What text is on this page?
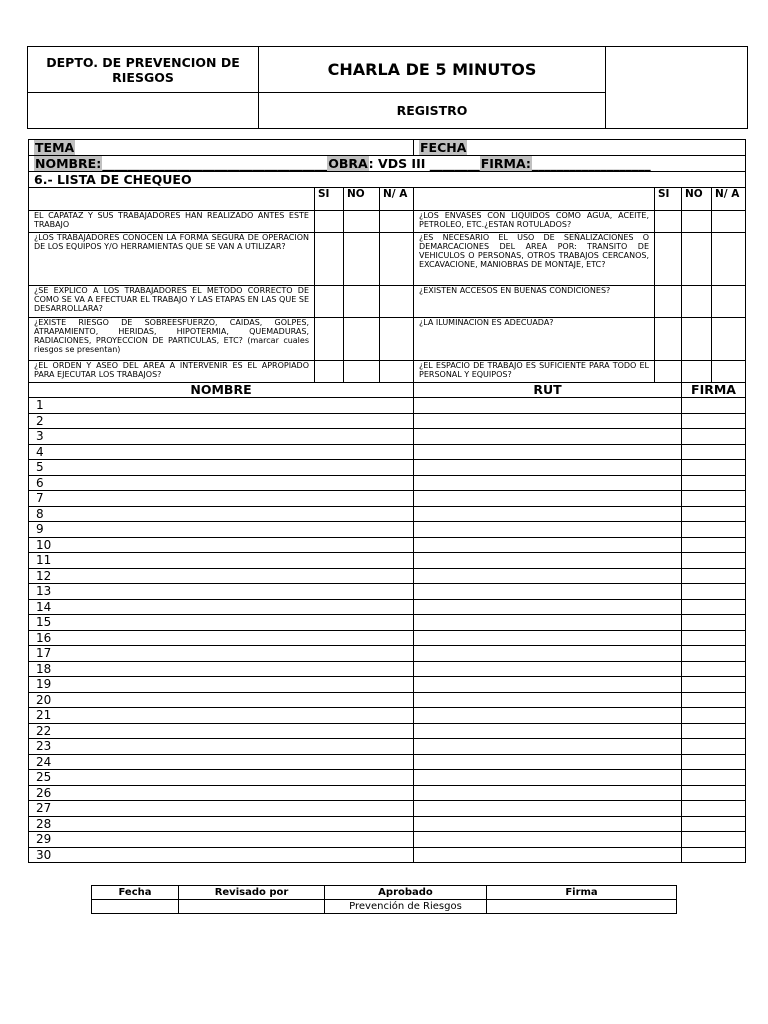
DEPTO. DE PREVENCION DE RIESGOS	CHARLA DE 5 MINUTOS	
	REGISTRO	
TEMA				FECHA			
NOMBRE:____________________________________OBRA: VDS III ________FIRMA:___________________							
6.- LISTA DE CHEQUEO							
	SI	NO	N/ A		SI	NO	N/ A
EL CAPATAZ Y SUS TRABAJADORES HAN REALIZADO ANTES ESTE TRABAJO				¿LOS ENVASES CON LIQUIDOS COMO AGUA, ACEITE, PETROLEO, ETC.¿ESTAN ROTULADOS?			
¿LOS TRABAJADORES CONOCEN LA FORMA SEGURA DE OPERACION DE LOS EQUIPOS Y/O HERRAMIENTAS QUE SE VAN A UTILIZAR?				¿ES NECESARIO EL USO DE SEÑALIZACIONES O DEMARCACIONES DEL AREA POR: TRANSITO DE VEHICULOS O PERSONAS, OTROS TRABAJOS CERCANOS, EXCAVACIONE, MANIOBRAS DE MONTAJE, ETC?			
¿SE EXPLICO A LOS TRABAJADORES EL METODO CORRECTO DE COMO SE VA A EFECTUAR EL TRABAJO Y LAS ETAPAS EN LAS QUE SE DESARROLLARA?				¿EXISTEN ACCESOS EN BUENAS CONDICIONES?			
¿EXISTE RIESGO DE SOBREESFUERZO, CAIDAS, GOLPES, ATRAPAMIENTO, HERIDAS, HIPOTERMIA, QUEMADURAS, RADIACIONES, PROYECCION DE PARTICULAS, ETC? (marcar cuales riesgos se presentan)				¿LA ILUMINACION ES ADECUADA?			
¿EL ORDEN Y ASEO DEL AREA A INTERVENIR ES EL APROPIADO PARA EJECUTAR LOS TRABAJOS?				¿EL ESPACIO DE TRABAJO ES SUFICIENTE PARA TODO EL PERSONAL Y EQUIPOS?			
NOMBRE				RUT		FIRMA	
1							
2							
3							
4							
5							
6							
7							
8							
9							
10							
11							
12							
13							
14							
15							
16							
17							
18							
19							
20							
21							
22							
23							
24							
25							
26							
27							
28							
29							
30							
Fecha	Revisado por	Aprobado	Firma
		Prevención de Riesgos	
